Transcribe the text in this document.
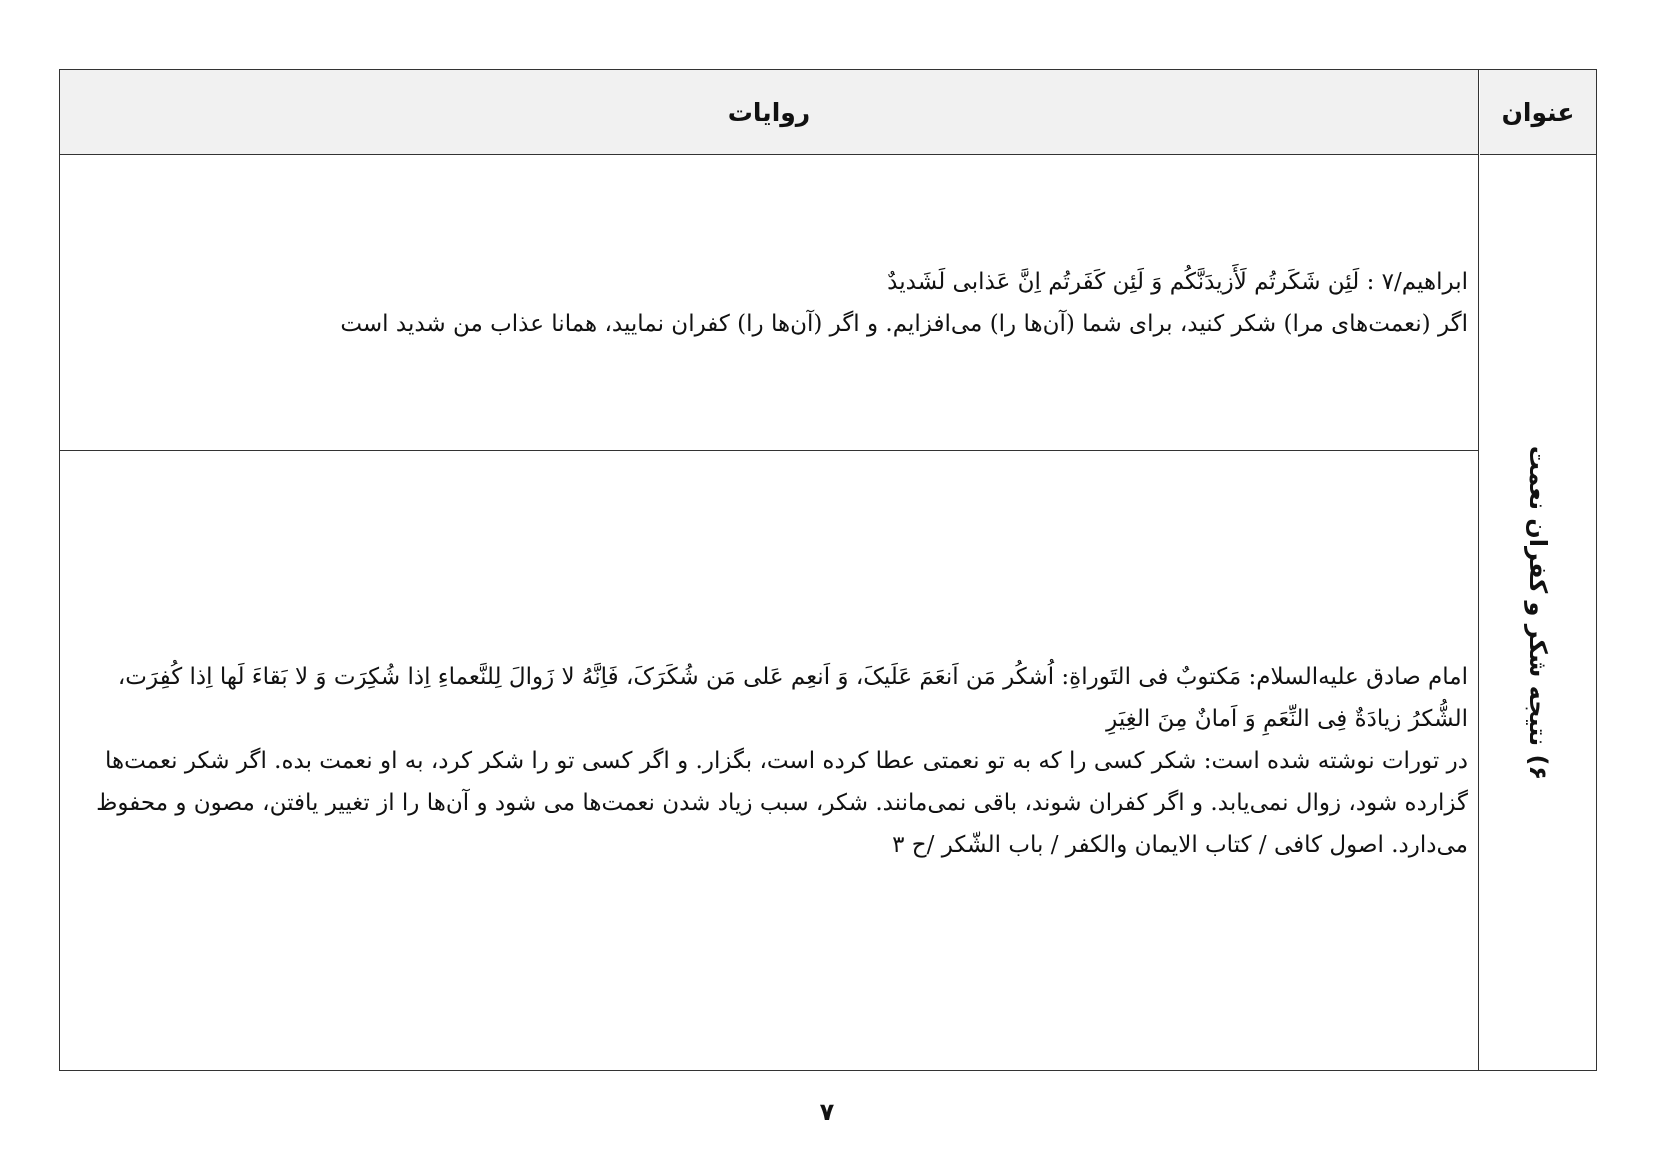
روایات	عنوان
۶) نتیجه شکر و کفران نعمت

ابراهیم/۷ : لَئِن شَکَرتُم لَأَزیدَنَّکُم وَ لَئِن کَفَرتُم اِنَّ عَذابی لَشَدیدٌ

اگر (نعمت‌های مرا) شکر کنید، برای شما (آن‌ها را) می‌افزایم. و اگر (آن‌ها را) کفران نمایید، همانا عذاب من شدید است

امام صادق علیه‌السلام: مَکتوبٌ فی التَوراةِ: اُشکُر مَن اَنعَمَ عَلَیکَ، وَ اَنعِم عَلی مَن شُکَرَکَ، فَاِنَّهُ لا زَوالَ لِلنَّعماءِ اِذا شُکِرَت وَ لا بَقاءَ لَها اِذا کُفِرَت، الشُّکرُ زیادَةٌ فِی النِّعَمِ وَ اَمانٌ مِنَ الغِیَرِ

در تورات نوشته شده است: شکر کسی را که به تو نعمتی عطا کرده است، بگزار. و اگر کسی تو را شکر کرد، به او نعمت بده. اگر شکر نعمت‌ها گزارده شود، زوال نمی‌یابد. و اگر کفران شوند، باقی نمی‌مانند. شکر، سبب زیاد شدن نعمت‌ها می شود و آن‌ها را از تغییر یافتن، مصون و محفوظ می‌دارد. اصول کافی / کتاب الایمان والکفر / باب الشّکر /ح ۳

۷
